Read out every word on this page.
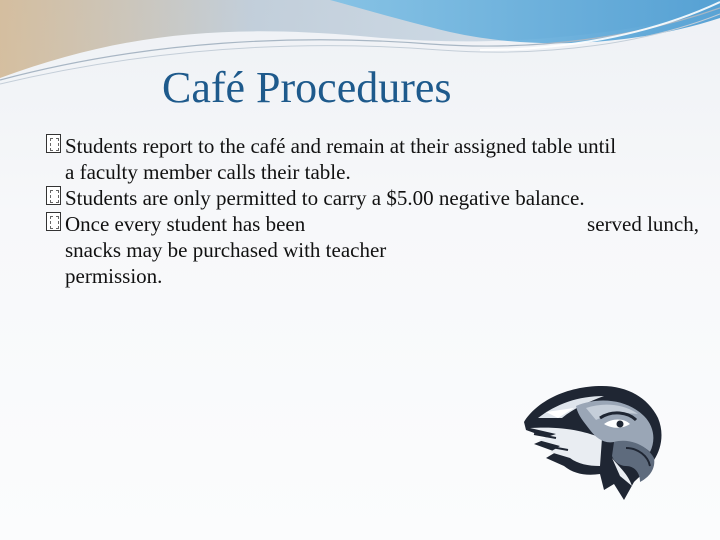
Café Procedures
Students report to the café and remain at their assigned table until
a faculty member calls their table.
Students are only permitted to carry a $5.00 negative balance.
Once every student has been	served lunch,
snacks may be purchased with teacher
permission.
